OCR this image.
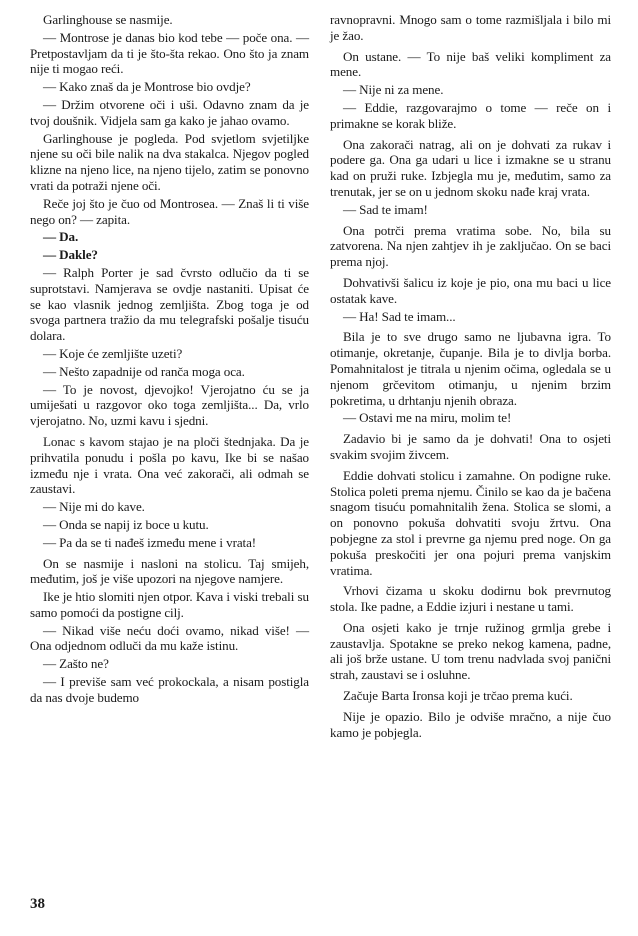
Garlinghouse se nasmije.

— Montrose je danas bio kod tebe — poče ona. — Pretpostavljam da ti je što-šta rekao. Ono što ja znam nije ti mogao reći.

— Kako znaš da je Montrose bio ovdje?

— Držim otvorene oči i uši. Odavno znam da je tvoj doušnik. Vidjela sam ga kako je jahao ovamo.

Garlinghouse je pogleda. Pod svjetlom svjetiljke njene su oči bile nalik na dva stakalca. Njegov pogled klizne na njeno lice, na njeno tijelo, zatim se ponovno vrati da potraži njene oči.

Reče joj što je čuo od Montrosea. — Znaš li ti više nego on? — zapita.

— Da.

— Dakle?

— Ralph Porter je sad čvrsto odlučio da ti se suprotstavi. Namjerava se ovdje nastaniti. Upisat će se kao vlasnik jednog zemljišta. Zbog toga je od svoga partnera tražio da mu telegrafski pošalje tisuću dolara.

— Koje će zemljište uzeti?

— Nešto zapadnije od ranča moga oca.

— To je novost, djevojko! Vjerojatno ću se ja umiješati u razgovor oko toga zemljišta... Da, vrlo vjerojatno. No, uzmi kavu i sjedni.

Lonac s kavom stajao je na ploči štednjaka. Da je prihvatila ponudu i pošla po kavu, Ike bi se našao između nje i vrata. Ona već zakorači, ali odmah se zaustavi.

— Nije mi do kave.

— Onda se napij iz boce u kutu.

— Pa da se ti nađeš između mene i vrata!

On se nasmije i nasloni na stolicu. Taj smijeh, međutim, još je više upozori na njegove namjere.

Ike je htio slomiti njen otpor. Kava i viski trebali su samo pomoći da postigne cilj.

— Nikad više neću doći ovamo, nikad više! — Ona odjednom odluči da mu kaže istinu.

— Zašto ne?

— I previše sam već prokockala, a nisam postigla da nas dvoje budemo

ravnopravni. Mnogo sam o tome razmišljala i bilo mi je žao.

On ustane. — To nije baš veliki kompliment za mene.

— Nije ni za mene.

— Eddie, razgovarajmo o tome — reče on i primakne se korak bliže.

Ona zakorači natrag, ali on je dohvati za rukav i podere ga. Ona ga udari u lice i izmakne se u stranu kad on pruži ruke. Izbjegla mu je, međutim, samo za trenutak, jer se on u jednom skoku nađe kraj vrata.

— Sad te imam!

Ona potrči prema vratima sobe. No, bila su zatvorena. Na njen zahtjev ih je zaključao. On se baci prema njoj.

Dohvativši šalicu iz koje je pio, ona mu baci u lice ostatak kave.

— Ha! Sad te imam...

Bila je to sve drugo samo ne ljubavna igra. To otimanje, okretanje, čupanje. Bila je to divlja borba. Pomahnitalost je titrala u njenim očima, ogledala se u njenom grčevitom otimanju, u njenim brzim pokretima, u drhtanju njenih obraza.

— Ostavi me na miru, molim te!

Zadavio bi je samo da je dohvati! Ona to osjeti svakim svojim živcem.

Eddie dohvati stolicu i zamahne. On podigne ruke. Stolica poleti prema njemu. Činilo se kao da je bačena snagom tisuću pomahnitalih žena. Stolica se slomi, a on ponovno pokuša dohvatiti svoju žrtvu. Ona pobjegne za stol i prevrne ga njemu pred noge. On ga pokuša preskočiti jer ona pojuri prema vanjskim vratima.

Vrhovi čizama u skoku dodirnu bok prevrnutog stola. Ike padne, a Eddie izjuri i nestane u tami.

Ona osjeti kako je trnje ružinog grmlja grebe i zaustavlja. Spotakne se preko nekog kamena, padne, ali još brže ustane. U tom trenu nadvlada svoj panični strah, zaustavi se i osluhne.

Začuje Barta Ironsa koji je trčao prema kući.

Nije je opazio. Bilo je odviše mračno, a nije čuo kamo je pobjegla.

38
